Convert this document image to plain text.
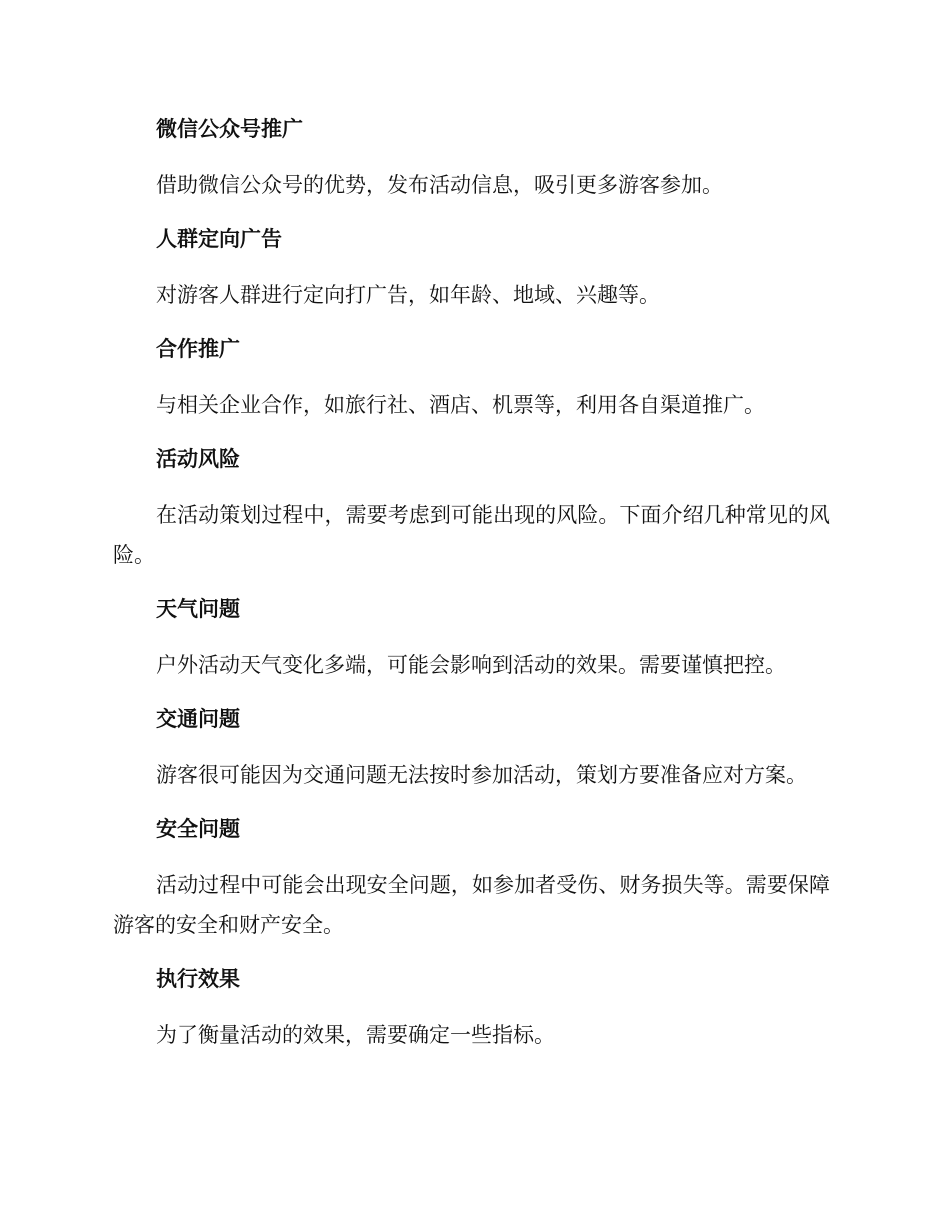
微信公众号推广

借助微信公众号的优势，发布活动信息，吸引更多游客参加。

人群定向广告

对游客人群进行定向打广告，如年龄、地域、兴趣等。

合作推广

与相关企业合作，如旅行社、酒店、机票等，利用各自渠道推广。

活动风险

在活动策划过程中，需要考虑到可能出现的风险。下面介绍几种常见的风险。

天气问题

户外活动天气变化多端，可能会影响到活动的效果。需要谨慎把控。

交通问题

游客很可能因为交通问题无法按时参加活动，策划方要准备应对方案。

安全问题

活动过程中可能会出现安全问题，如参加者受伤、财务损失等。需要保障游客的安全和财产安全。

执行效果

为了衡量活动的效果，需要确定一些指标。
